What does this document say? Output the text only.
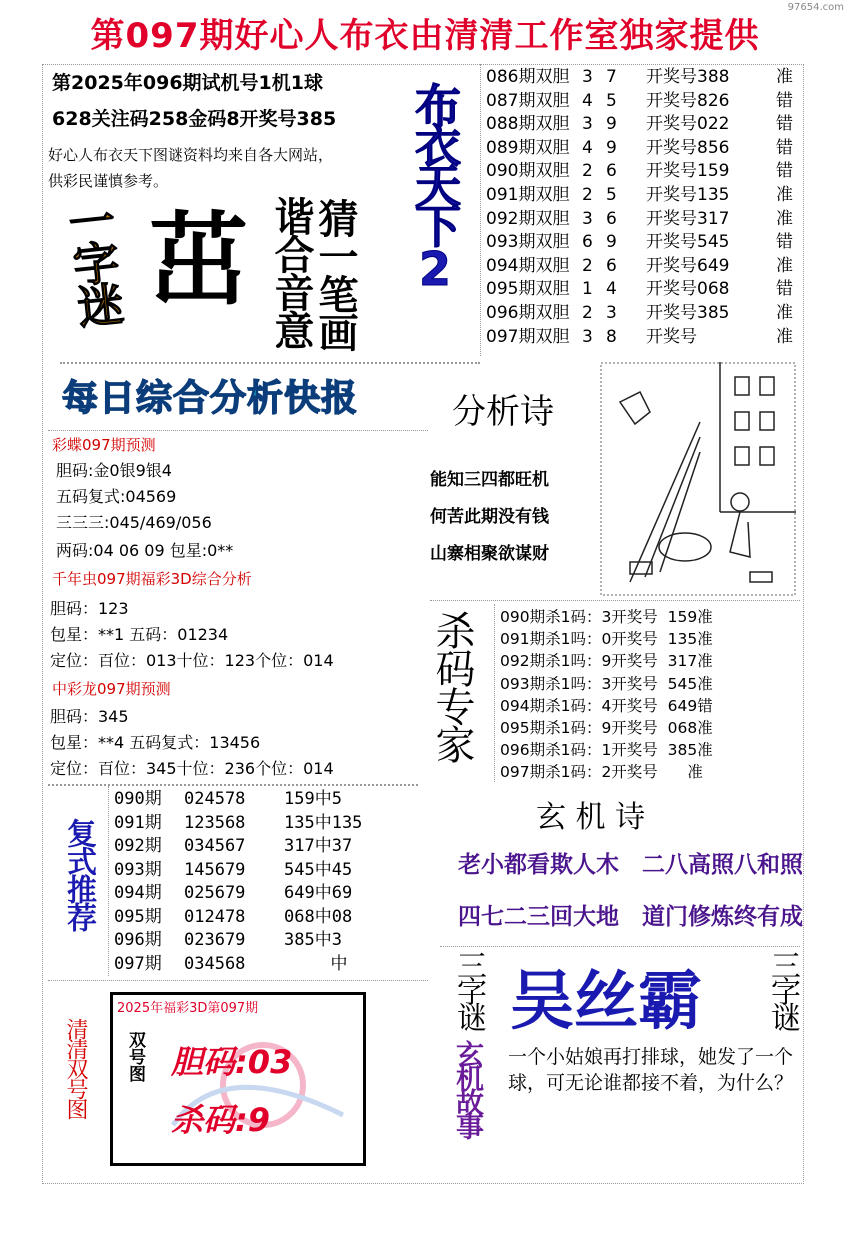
97654.com
第097期好心人布衣由清清工作室独家提供
第2025年096期试机号1机1球
628关注码258金码8开奖号385
好心人布衣天下图谜资料均来自各大网站，
供彩民谨慎参考。
一字迷 茁 猜一笔画
谐合音意 布衣天下2
086期双胆 3 7	开奖号388	准
087期双胆 4 5	开奖号826	错
088期双胆 3 9	开奖号022	错
089期双胆 4 9	开奖号856	错
090期双胆 2 6	开奖号159	错
091期双胆 2 5	开奖号135	准
092期双胆 3 6	开奖号317	准
093期双胆 6 9	开奖号545	错
094期双胆 2 6	开奖号649	准
095期双胆 1 4	开奖号068	错
096期双胆 2 3	开奖号385	准
097期双胆 3 8	开奖号	准
每日综合分析快报
彩蝶097期预测
胆码:金0银9银4
五码复式:04569
三三三:045/469/056
两码:04 06 09 包星:0**
千年虫097期福彩3D综合分析
胆码：123
包星：**1 五码：01234
定位：百位：013十位：123个位：014
中彩龙097期预测
胆码：345
包星：**4 五码复式：13456
定位：百位：345十位：236个位：014
分析诗
能知三四都旺机
何苦此期没有钱
山寨相聚欲谋财
杀码专家 090期杀1码：3开奖号  159准
091期杀1吗：0开奖号  135准
092期杀1吗：9开奖号  317准
093期杀1吗：3开奖号  545准
094期杀1码：4开奖号  649错
095期杀1码：9开奖号  068准
096期杀1码：1开奖号  385准
097期杀1码：2开奖号      准
复式推荐
090期 024578 159中5
091期 123568 135中135
092期 034567 317中37
093期 145679 545中45
094期 025679 649中69
095期 012478 068中08
096期 023679 385中3
097期 034568	中
玄 机 诗
老小都看欺人木 二八高照八和照
四七二三回大地 道门修炼终有成
三字谜 吴丝霸 三字谜
玄机故事 一个小姑娘再打排球，她发了一个球，可无论谁都接不着，为什么？
清清双号图
2025年福彩3D第097期
双号图 胆码:03
杀码:9
